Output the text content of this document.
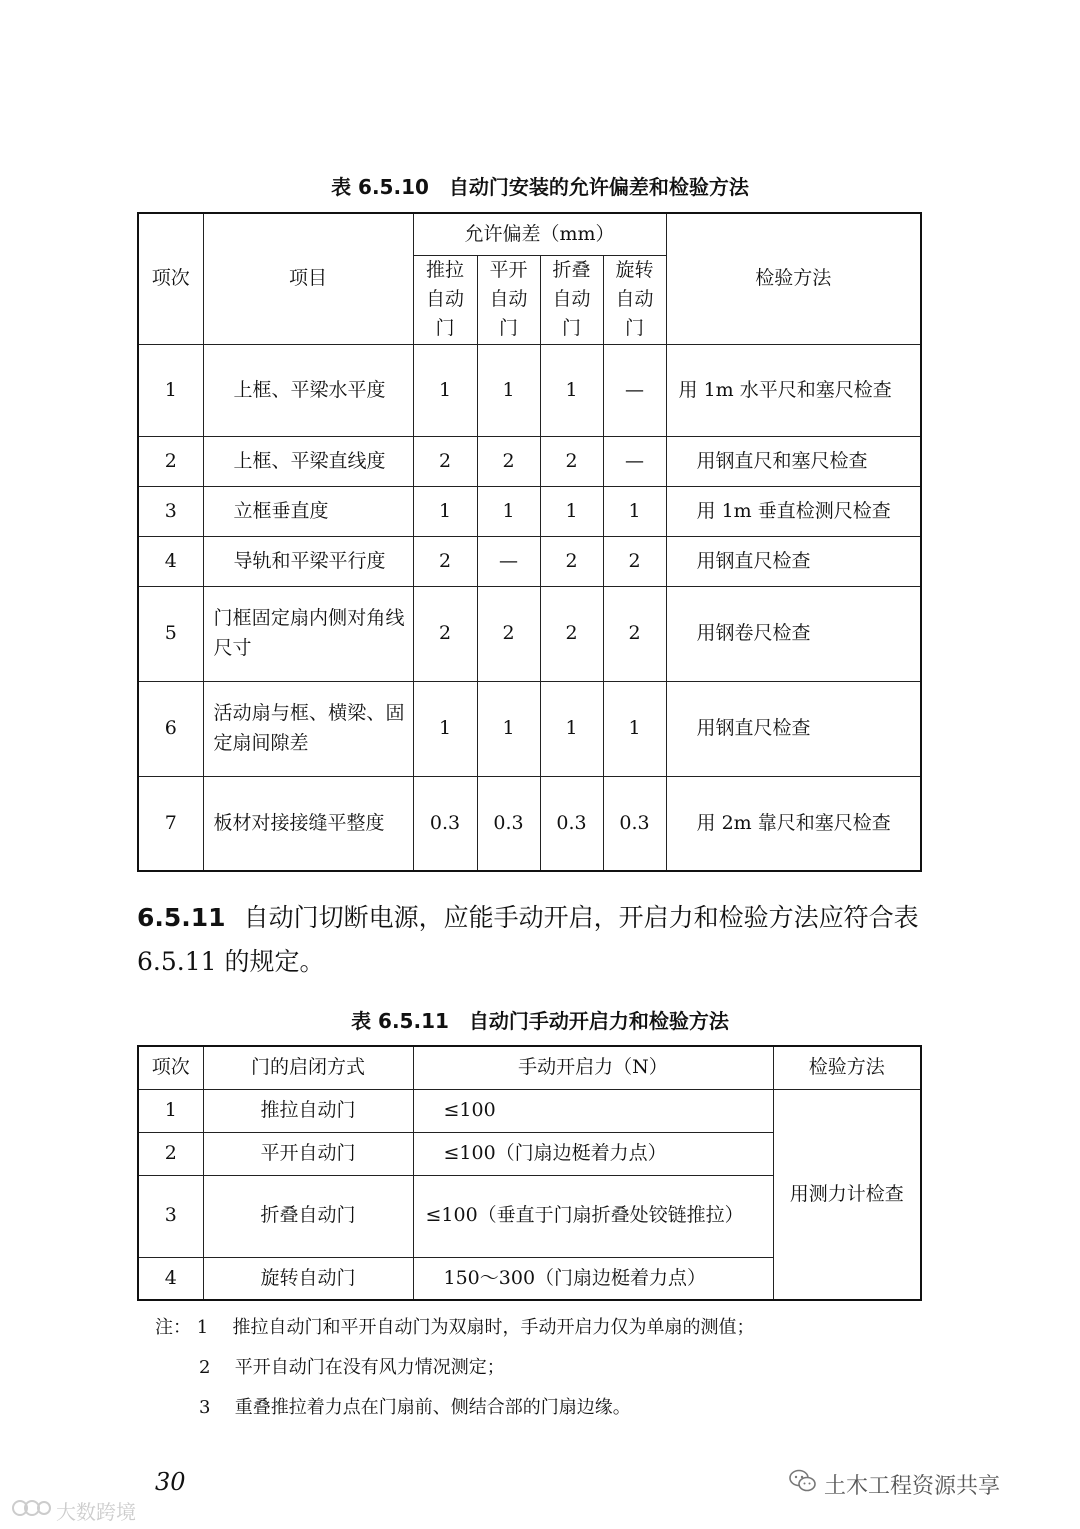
表 6.5.10　自动门安装的允许偏差和检验方法
项次	项目	允许偏差（mm）				检验方法
		推拉自动门	平开自动门	折叠自动门	旋转自动门	
1	上框、平梁水平度	1	1	1	—	用 1m 水平尺和塞尺检查
2	上框、平梁直线度	2	2	2	—	用钢直尺和塞尺检查
3	立框垂直度	1	1	1	1	用 1m 垂直检测尺检查
4	导轨和平梁平行度	2	—	2	2	用钢直尺检查
5	门框固定扇内侧对角线尺寸	2	2	2	2	用钢卷尺检查
6	活动扇与框、横梁、固定扇间隙差	1	1	1	1	用钢直尺检查
7	板材对接接缝平整度	0.3	0.3	0.3	0.3	用 2m 靠尺和塞尺检查
6.5.11 自动门切断电源，应能手动开启，开启力和检验方法应符合表 6.5.11 的规定。
表 6.5.11　自动门手动开启力和检验方法
项次	门的启闭方式	手动开启力（N）	检验方法
1	推拉自动门	≤100	用测力计检查
2	平开自动门	≤100（门扇边梃着力点）	
3	折叠自动门	≤100（垂直于门扇折叠处铰链推拉）	
4	旋转自动门	150～300（门扇边梃着力点）	
注： 1 推拉自动门和平开自动门为双扇时，手动开启力仅为单扇的测值；
2 平开自动门在没有风力情况测定；
3 重叠推拉着力点在门扇前、侧结合部的门扇边缘。
30	土木工程资源共享
大数跨境
